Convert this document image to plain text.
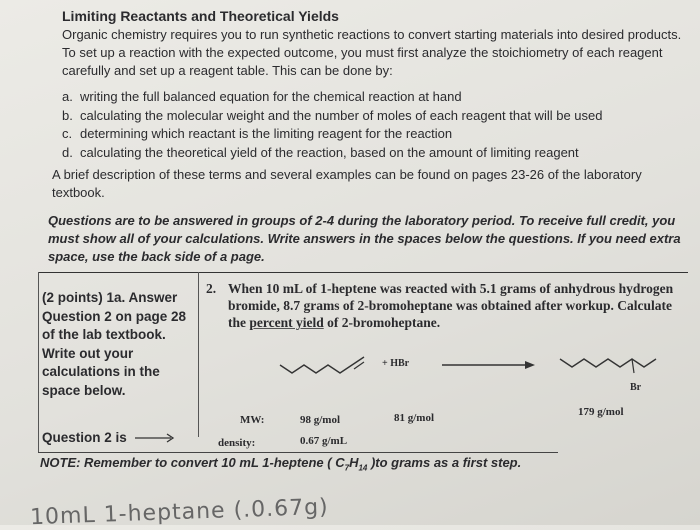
Limiting Reactants and Theoretical Yields
Organic chemistry requires you to run synthetic reactions to convert starting materials into desired products. To set up a reaction with the expected outcome, you must first analyze the stoichiometry of each reagent carefully and set up a reagent table. This can be done by:
a. writing the full balanced equation for the chemical reaction at hand
b. calculating the molecular weight and the number of moles of each reagent that will be used
c. determining which reactant is the limiting reagent for the reaction
d. calculating the theoretical yield of the reaction, based on the amount of limiting reagent
A brief description of these terms and several examples can be found on pages 23-26 of the laboratory textbook.
Questions are to be answered in groups of 2-4 during the laboratory period. To receive full credit, you must show all of your calculations. Write answers in the spaces below the questions. If you need extra space, use the back side of a page.
(2 points) 1a. Answer Question 2 on page 28 of the lab textbook. Write out your calculations in the space below.
2. When 10 mL of 1-heptene was reacted with 5.1 grams of anhydrous hydrogen bromide, 8.7 grams of 2-bromoheptane was obtained after workup. Calculate the percent yield of 2-bromoheptane.
+ HBr
Br
MW:	98 g/mol	81 g/mol	179 g/mol
density:	0.67 g/mL
Question 2 is
NOTE: Remember to convert 10 mL 1-heptene ( $C_7H_{14}$ )to grams as a first step.
10mL 1-heptane (.0.67g)
